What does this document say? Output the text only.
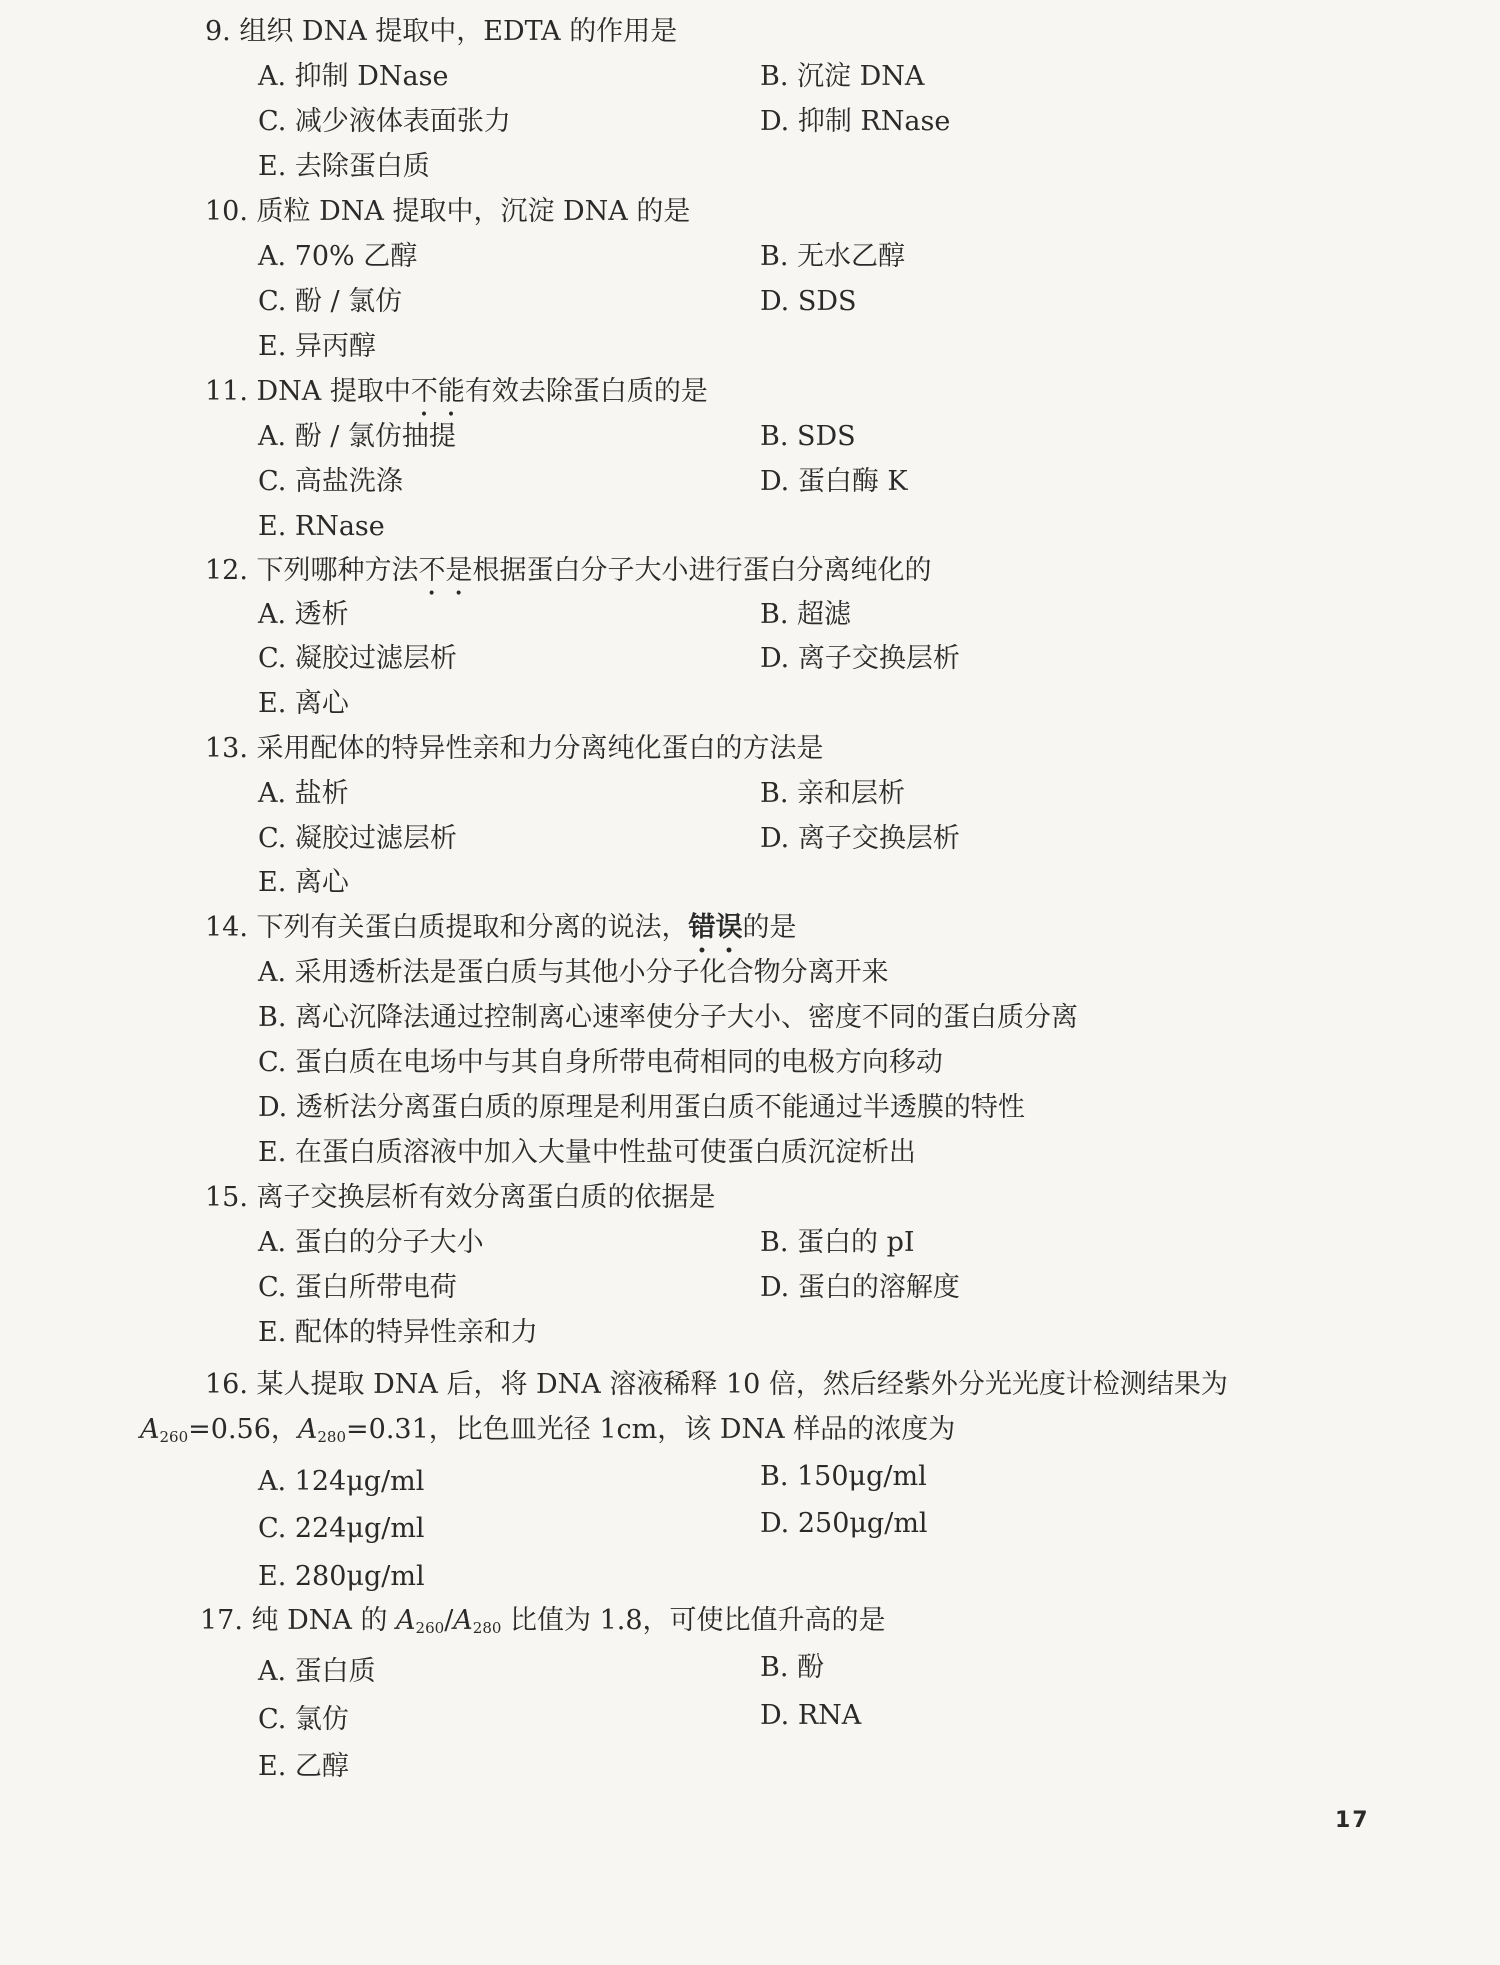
9. 组织 DNA 提取中，EDTA 的作用是
A. 抑制 DNase	B. 沉淀 DNA
C. 减少液体表面张力	D. 抑制 RNase
E. 去除蛋白质
10. 质粒 DNA 提取中，沉淀 DNA 的是
A. 70% 乙醇	B. 无水乙醇
C. 酚 / 氯仿	D. SDS
E. 异丙醇
11. DNA 提取中不能有效去除蛋白质的是
A. 酚 / 氯仿抽提	B. SDS
C. 高盐洗涤	D. 蛋白酶 K
E. RNase
12. 下列哪种方法不是根据蛋白分子大小进行蛋白分离纯化的
A. 透析	B. 超滤
C. 凝胶过滤层析	D. 离子交换层析
E. 离心
13. 采用配体的特异性亲和力分离纯化蛋白的方法是
A. 盐析	B. 亲和层析
C. 凝胶过滤层析	D. 离子交换层析
E. 离心
14. 下列有关蛋白质提取和分离的说法，错误的是
A. 采用透析法是蛋白质与其他小分子化合物分离开来
B. 离心沉降法通过控制离心速率使分子大小、密度不同的蛋白质分离
C. 蛋白质在电场中与其自身所带电荷相同的电极方向移动
D. 透析法分离蛋白质的原理是利用蛋白质不能通过半透膜的特性
E. 在蛋白质溶液中加入大量中性盐可使蛋白质沉淀析出
15. 离子交换层析有效分离蛋白质的依据是
A. 蛋白的分子大小	B. 蛋白的 pI
C. 蛋白所带电荷	D. 蛋白的溶解度
E. 配体的特异性亲和力
16. 某人提取 DNA 后，将 DNA 溶液稀释 10 倍，然后经紫外分光光度计检测结果为
$A_{260}=0.56$，$A_{280}=0.31$，比色皿光径 1cm，该 DNA 样品的浓度为
A. 124μg/ml	B. 150μg/ml
C. 224μg/ml	D. 250μg/ml
E. 280μg/ml
17. 纯 DNA 的 $A_{260}/A_{280}$ 比值为 1.8，可使比值升高的是
A. 蛋白质	B. 酚
C. 氯仿	D. RNA
E. 乙醇
17
